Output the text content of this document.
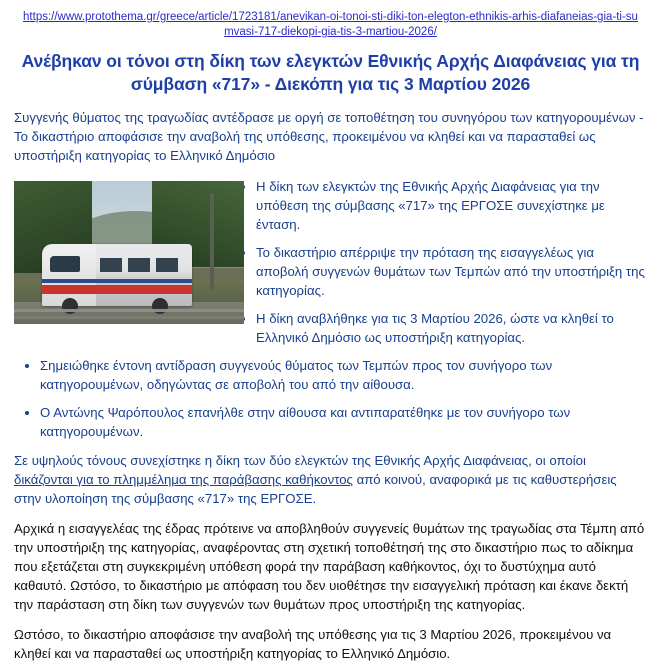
https://www.protothema.gr/greece/article/1723181/anevikan-oi-tonoi-sti-diki-ton-elegton-ethnikis-arhis-diafaneias-gia-ti-sumvasi-717-diekopi-gia-tis-3-martiou-2026/
Ανέβηκαν οι τόνοι στη δίκη των ελεγκτών Εθνικής Αρχής Διαφάνειας για τη σύμβαση «717» - Διεκόπη για τις 3 Μαρτίου 2026

Συγγενής θύματος της τραγωδίας αντέδρασε με οργή σε τοποθέτηση του συνηγόρου των κατηγορουμένων - Το δικαστήριο αποφάσισε την αναβολή της υπόθεσης, προκειμένου να κληθεί και να παρασταθεί ως υποστήριξη κατηγορίας το Ελληνικό Δημόσιο

• Η δίκη των ελεγκτών της Εθνικής Αρχής Διαφάνειας για την υπόθεση της σύμβασης «717» της ΕΡΓΟΣΕ συνεχίστηκε με ένταση.
• Το δικαστήριο απέρριψε την πρόταση της εισαγγελέως για αποβολή συγγενών θυμάτων των Τεμπών από την υποστήριξη της κατηγορίας.
• Η δίκη αναβλήθηκε για τις 3 Μαρτίου 2026, ώστε να κληθεί το Ελληνικό Δημόσιο ως υποστήριξη κατηγορίας.
• Σημειώθηκε έντονη αντίδραση συγγενούς θύματος των Τεμπών προς τον συνήγορο των κατηγορουμένων, οδηγώντας σε αποβολή του από την αίθουσα.
• Ο Αντώνης Ψαρόπουλος επανήλθε στην αίθουσα και αντιπαρατέθηκε με τον συνήγορο των κατηγορουμένων.

Σε υψηλούς τόνους συνεχίστηκε η δίκη των δύο ελεγκτών της Εθνικής Αρχής Διαφάνειας, οι οποίοι δικάζονται για το πλημμέλημα της παράβασης καθήκοντος από κοινού, αναφορικά με τις καθυστερήσεις στην υλοποίηση της σύμβασης «717» της ΕΡΓΟΣΕ.

Αρχικά η εισαγγελέας της έδρας πρότεινε να αποβληθούν συγγενείς θυμάτων της τραγωδίας στα Τέμπη από την υποστήριξη της κατηγορίας, αναφέροντας στη σχετική τοποθέτησή της στο δικαστήριο πως το αδίκημα που εξετάζεται στη συγκεκριμένη υπόθεση φορά την παράβαση καθήκοντος, όχι το δυστύχημα αυτό καθαυτό. Ωστόσο, το δικαστήριο με απόφαση του δεν υιοθέτησε την εισαγγελική πρόταση και έκανε δεκτή την παράσταση στη δίκη των συγγενών των θυμάτων προς υποστήριξη της κατηγορίας.

Ωστόσο, το δικαστήριο αποφάσισε την αναβολή της υπόθεσης για τις 3 Μαρτίου 2026, προκειμένου να κληθεί και να παρασταθεί ως υποστήριξη κατηγορίας το Ελληνικό Δημόσιο.
